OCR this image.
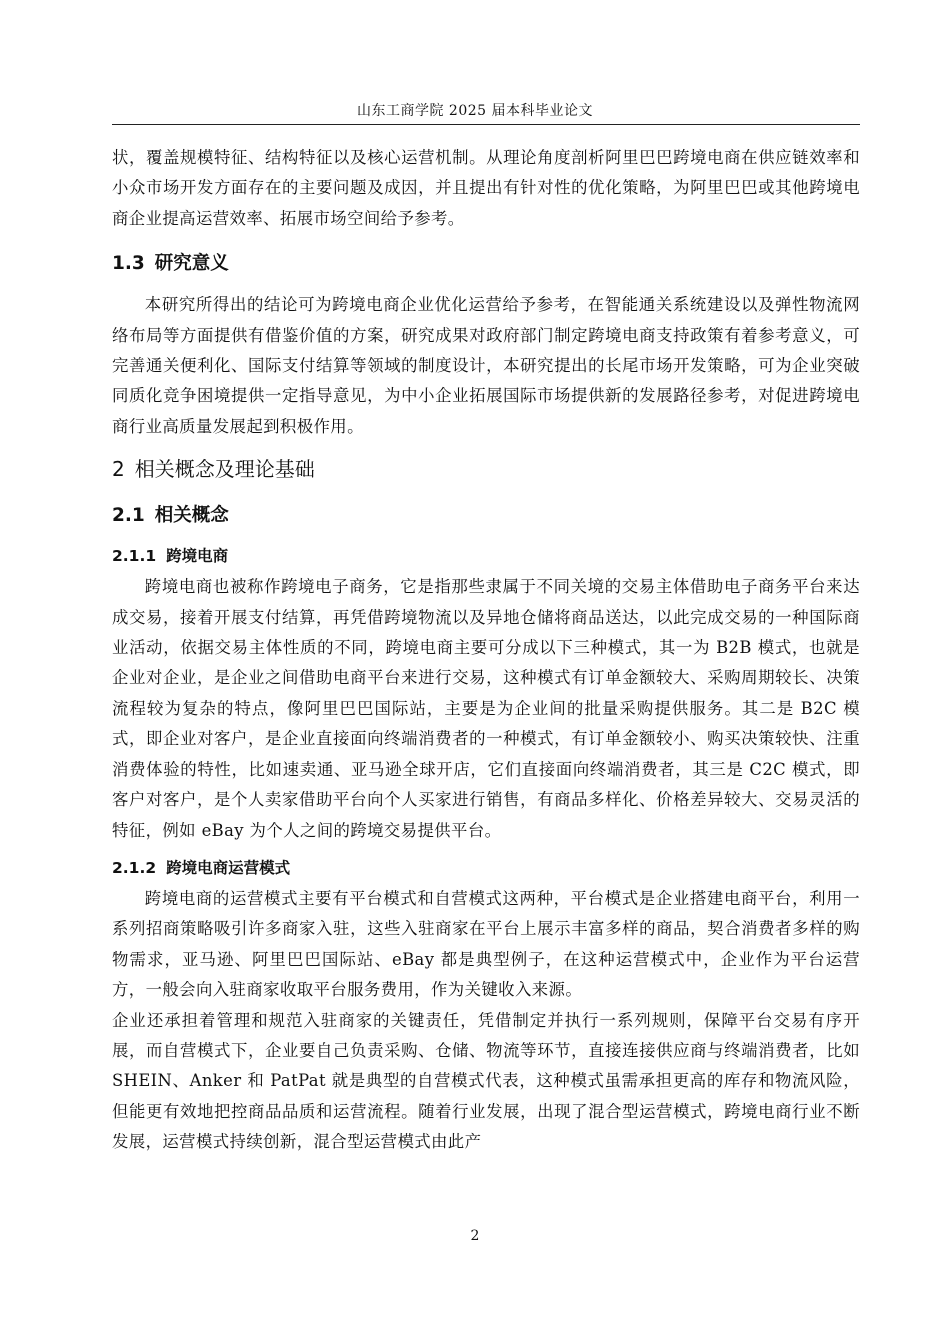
山东工商学院 2025 届本科毕业论文

状，覆盖规模特征、结构特征以及核心运营机制。从理论角度剖析阿里巴巴跨境电商在供应链效率和小众市场开发方面存在的主要问题及成因，并且提出有针对性的优化策略，为阿里巴巴或其他跨境电商企业提高运营效率、拓展市场空间给予参考。

1.3 研究意义

本研究所得出的结论可为跨境电商企业优化运营给予参考，在智能通关系统建设以及弹性物流网络布局等方面提供有借鉴价值的方案，研究成果对政府部门制定跨境电商支持政策有着参考意义，可完善通关便利化、国际支付结算等领域的制度设计，本研究提出的长尾市场开发策略，可为企业突破同质化竞争困境提供一定指导意见，为中小企业拓展国际市场提供新的发展路径参考，对促进跨境电商行业高质量发展起到积极作用。

2 相关概念及理论基础
2.1 相关概念
2.1.1 跨境电商

跨境电商也被称作跨境电子商务，它是指那些隶属于不同关境的交易主体借助电子商务平台来达成交易，接着开展支付结算，再凭借跨境物流以及异地仓储将商品送达，以此完成交易的一种国际商业活动，依据交易主体性质的不同，跨境电商主要可分成以下三种模式，其一为 B2B 模式，也就是企业对企业，是企业之间借助电商平台来进行交易，这种模式有订单金额较大、采购周期较长、决策流程较为复杂的特点，像阿里巴巴国际站，主要是为企业间的批量采购提供服务。其二是 B2C 模式，即企业对客户，是企业直接面向终端消费者的一种模式，有订单金额较小、购买决策较快、注重消费体验的特性，比如速卖通、亚马逊全球开店，它们直接面向终端消费者，其三是 C2C 模式，即客户对客户，是个人卖家借助平台向个人买家进行销售，有商品多样化、价格差异较大、交易灵活的特征，例如 eBay 为个人之间的跨境交易提供平台。

2.1.2 跨境电商运营模式

跨境电商的运营模式主要有平台模式和自营模式这两种，平台模式是企业搭建电商平台，利用一系列招商策略吸引许多商家入驻，这些入驻商家在平台上展示丰富多样的商品，契合消费者多样的购物需求，亚马逊、阿里巴巴国际站、eBay 都是典型例子，在这种运营模式中，企业作为平台运营方，一般会向入驻商家收取平台服务费用，作为关键收入来源。

企业还承担着管理和规范入驻商家的关键责任，凭借制定并执行一系列规则，保障平台交易有序开展，而自营模式下，企业要自己负责采购、仓储、物流等环节，直接连接供应商与终端消费者，比如 SHEIN、Anker 和 PatPat 就是典型的自营模式代表，这种模式虽需承担更高的库存和物流风险，但能更有效地把控商品品质和运营流程。随着行业发展，出现了混合型运营模式，跨境电商行业不断发展，运营模式持续创新，混合型运营模式由此产

2
